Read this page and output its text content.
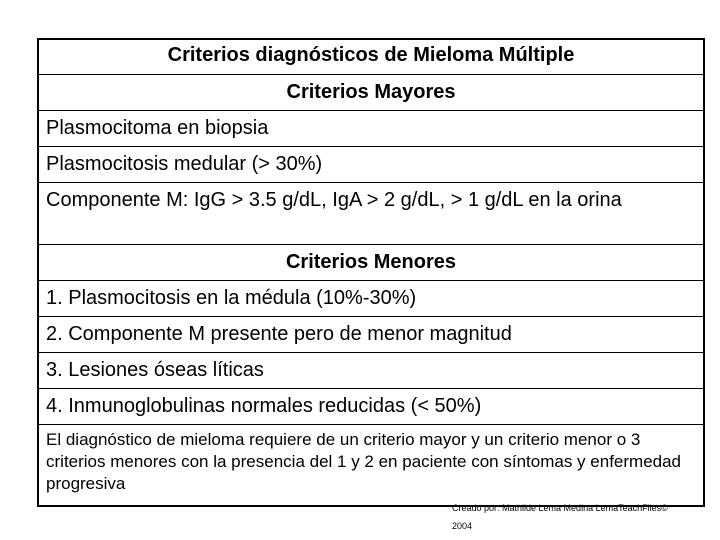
Criterios diagnósticos de Mieloma Múltiple
Criterios Mayores
Plasmocitoma en biopsia
Plasmocitosis medular (> 30%)
Componente M: IgG > 3.5 g/dL, IgA > 2 g/dL, > 1 g/dL en la orina
Criterios Menores
1. Plasmocitosis en la médula (10%-30%)
2. Componente M presente pero de menor magnitud
3. Lesiones óseas líticas
4. Inmunoglobulinas normales reducidas (< 50%)
El diagnóstico de mieloma requiere de un criterio mayor y un criterio menor o 3 criterios menores con la presencia del 1 y 2 en paciente con síntomas y enfermedad progresiva
Creado por: Mathilde Lema Medina LemaTeachFiles©
2004
